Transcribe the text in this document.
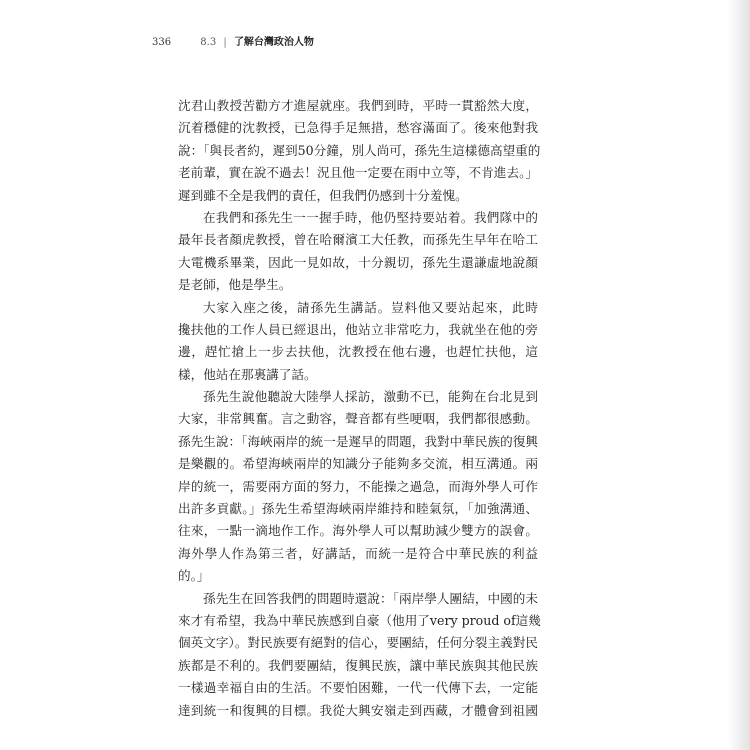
336	8.3 | 了解台灣政治人物
沈君山教授苦勸方才進屋就座。我們到時，平時一貫豁然大度，
沉着穩健的沈教授，已急得手足無措，愁容滿面了。後來他對我
說：「與長者約，遲到50分鐘，別人尚可，孫先生這樣德高望重的
老前輩，實在說不過去！況且他一定要在雨中立等，不肯進去。」
遲到雖不全是我們的責任，但我們仍感到十分羞愧。
在我們和孫先生一一握手時，他仍堅持要站着。我們隊中的
最年長者顏虎教授，曾在哈爾濱工大任教，而孫先生早年在哈工
大電機系畢業，因此一見如故，十分親切，孫先生還謙虛地說顏
是老師，他是學生。
大家入座之後，請孫先生講話。豈料他又要站起來，此時
攙扶他的工作人員已經退出，他站立非常吃力，我就坐在他的旁
邊，趕忙搶上一步去扶他，沈教授在他右邊，也趕忙扶他，這
樣，他站在那裏講了話。
孫先生說他聽說大陸學人採訪，激動不已，能夠在台北見到
大家，非常興奮。言之動容，聲音都有些哽咽，我們都很感動。
孫先生說：「海峽兩岸的統一是遲早的問題，我對中華民族的復興
是樂觀的。希望海峽兩岸的知識分子能夠多交流，相互溝通。兩
岸的統一，需要兩方面的努力，不能操之過急，而海外學人可作
出許多貢獻。」孫先生希望海峽兩岸維持和睦氣氛，「加強溝通、
往來，一點一滴地作工作。海外學人可以幫助減少雙方的誤會。
海外學人作為第三者，好講話，而統一是符合中華民族的利益
的。」
孫先生在回答我們的問題時還說：「兩岸學人團結，中國的未
來才有希望，我為中華民族感到自豪（他用了very proud of這幾
個英文字）。對民族要有絕對的信心，要團結，任何分裂主義對民
族都是不利的。我們要團結，復興民族，讓中華民族與其他民族
一樣過幸福自由的生活。不要怕困難，一代一代傳下去，一定能
達到統一和復興的目標。我從大興安嶺走到西藏，才體會到祖國
